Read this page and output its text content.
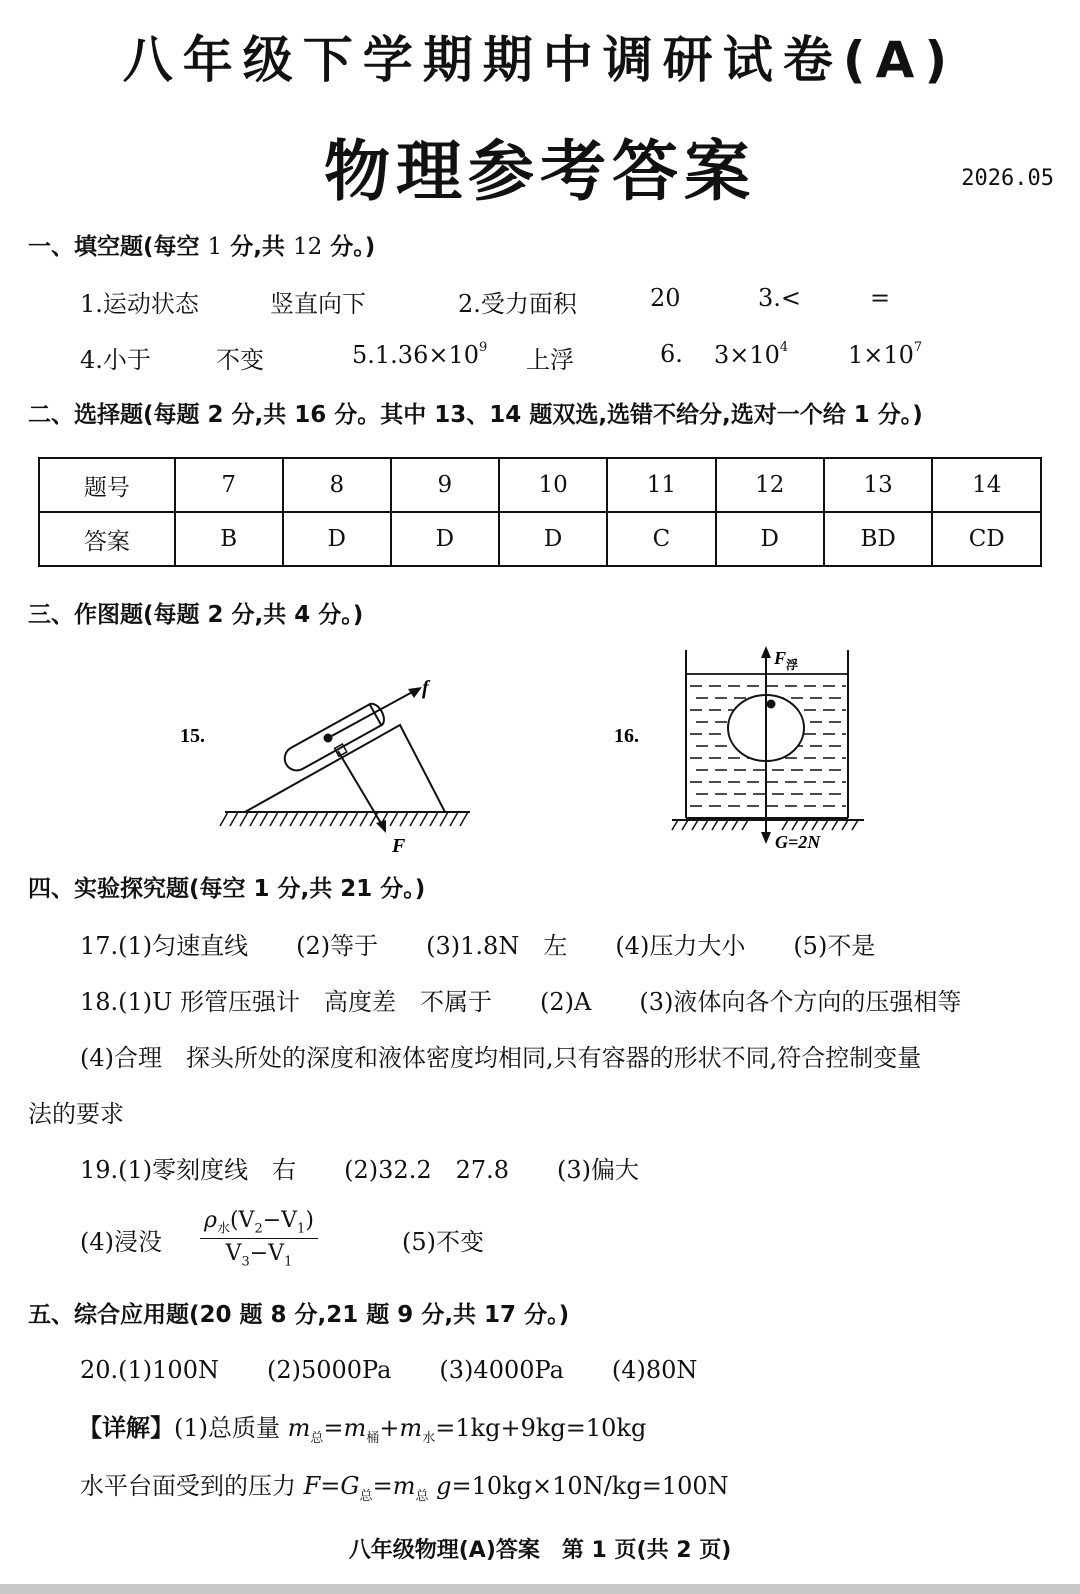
八年级下学期期中调研试卷(A)
物理参考答案	2026.05
一、填空题(每空 1 分,共 12 分。)
1.运动状态	竖直向下	2.受力面积	20	3.<	=
4.小于	不变	$5.1.36\times 10^9$ 上浮	6. $3\times 10^4$ $1\times 10^7$
二、选择题(每题 2 分,共 16 分。其中 13、14 题双选,选错不给分,选对一个给 1 分。)
题号	7	8	9	10	11	12	13	14
答案	B	D	D	D	C	D	BD	CD
三、作图题(每题 2 分,共 4 分。)
15.
f
F
16.
$F_浮$
G=2N
四、实验探究题(每空 1 分,共 21 分。)
17.(1)匀速直线　　(2)等于　　(3)1.8N　左　　(4)压力大小　　(5)不是
18.(1)U 形管压强计　高度差　不属于　　(2)A　　(3)液体向各个方向的压强相等
(4)合理　探头所处的深度和液体密度均相同,只有容器的形状不同,符合控制变量
法的要求
19.(1)零刻度线　右　　(2)32.2　27.8　　(3)偏大
(4)浸没 $\frac{\rho_水(V_2-V_1)}{V_3-V_1}$	(5)不变
五、综合应用题(20 题 8 分,21 题 9 分,共 17 分。)
20.(1)100N　　(2)5000Pa　　(3)4000Pa　　(4)80N
【详解】(1)总质量 $m_总=m_桶+m_水=1kg+9kg=10kg$
水平台面受到的压力 $F=G_总=m_总$ g=10kg×10N/kg=100N
八年级物理(A)答案　第 1 页(共 2 页)
